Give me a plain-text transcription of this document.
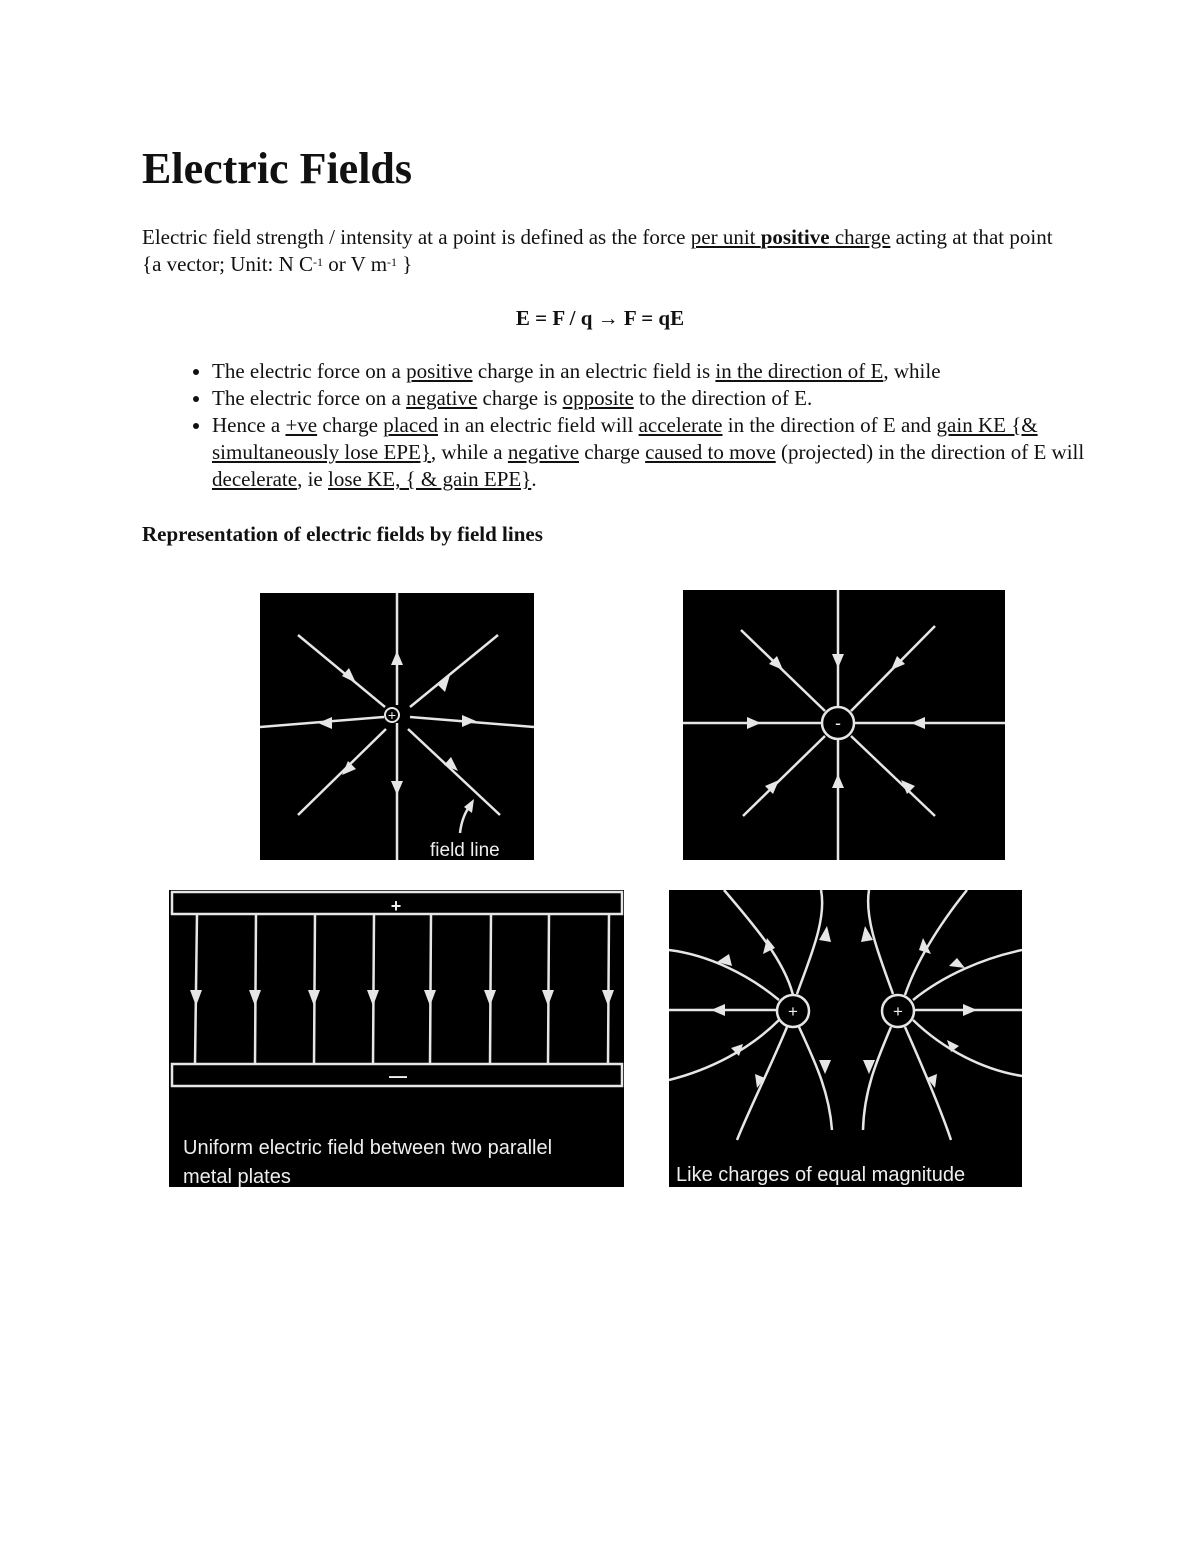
Electric Fields
Electric field strength / intensity at a point is defined as the force per unit positive charge acting at that point {a vector; Unit: N $C^{-1}$ or V $m^{-1}$ }
E = F / q → F = qE
• The electric force on a positive charge in an electric field is in the direction of E, while
• The electric force on a negative charge is opposite to the direction of E.
• Hence a +ve charge placed in an electric field will accelerate in the direction of E and gain KE {& simultaneously lose EPE}, while a negative charge caused to move (projected) in the direction of E will decelerate, ie lose KE, { & gain EPE}.
Representation of electric fields by field lines
+
field line
-
+
—
Uniform electric field between two parallel
metal plates
+	+
Like charges of equal magnitude
